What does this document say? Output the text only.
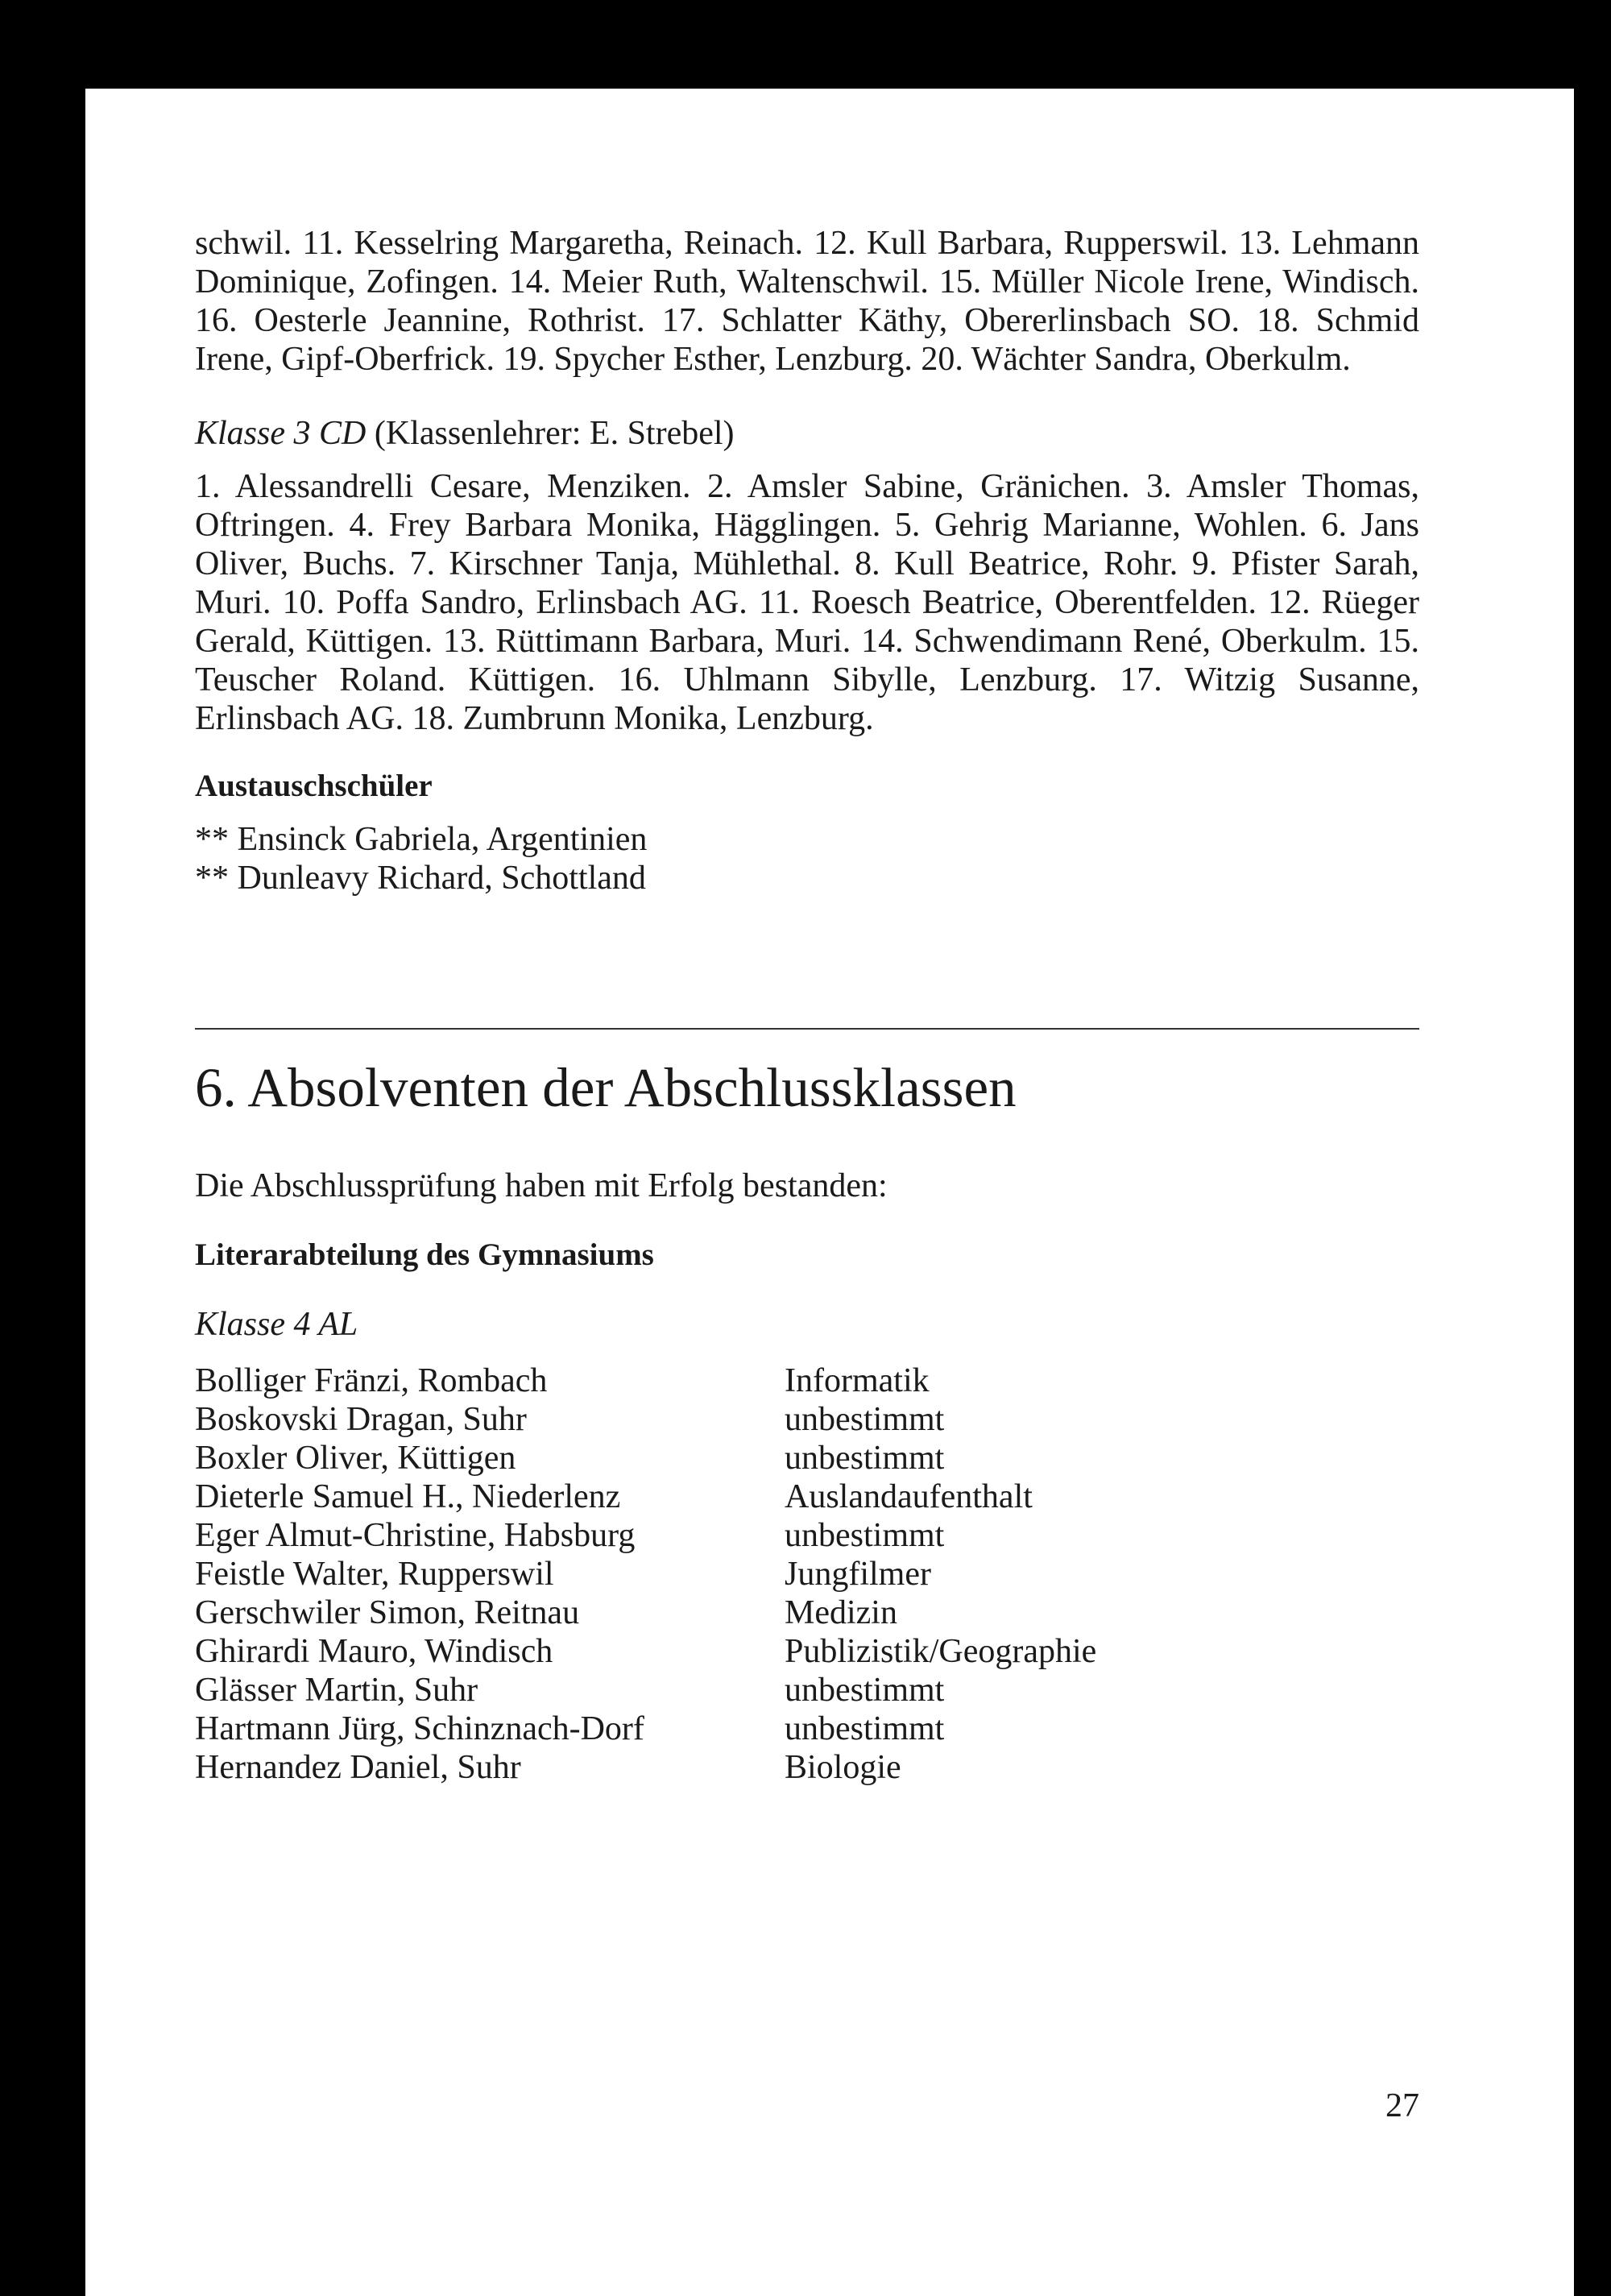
schwil. 11. Kesselring Margaretha, Reinach. 12. Kull Barbara, Rupperswil. 13. Lehmann Dominique, Zofingen. 14. Meier Ruth, Waltenschwil. 15. Müller Nicole Irene, Windisch. 16. Oesterle Jeannine, Rothrist. 17. Schlatter Käthy, Obererlinsbach SO. 18. Schmid Irene, Gipf-Oberfrick. 19. Spycher Esther, Lenzburg. 20. Wächter Sandra, Oberkulm.

Klasse 3 CD (Klassenlehrer: E. Strebel)

1. Alessandrelli Cesare, Menziken. 2. Amsler Sabine, Gränichen. 3. Amsler Thomas, Oftringen. 4. Frey Barbara Monika, Hägglingen. 5. Gehrig Marianne, Wohlen. 6. Jans Oliver, Buchs. 7. Kirschner Tanja, Mühlethal. 8. Kull Beatrice, Rohr. 9. Pfister Sarah, Muri. 10. Poffa Sandro, Erlinsbach AG. 11. Roesch Beatrice, Oberentfelden. 12. Rüeger Gerald, Küttigen. 13. Rüttimann Barbara, Muri. 14. Schwendimann René, Oberkulm. 15. Teuscher Roland. Küttigen. 16. Uhlmann Sibylle, Lenzburg. 17. Witzig Susanne, Erlinsbach AG. 18. Zumbrunn Monika, Lenzburg.

Austauschschüler

** Ensinck Gabriela, Argentinien

** Dunleavy Richard, Schottland

6. Absolventen der Abschlussklassen

Die Abschlussprüfung haben mit Erfolg bestanden:

Literarabteilung des Gymnasiums

Klasse 4 AL

Bolliger Fränzi, Rombach	Informatik
Boskovski Dragan, Suhr	unbestimmt
Boxler Oliver, Küttigen	unbestimmt
Dieterle Samuel H., Niederlenz	Auslandaufenthalt
Eger Almut-Christine, Habsburg	unbestimmt
Feistle Walter, Rupperswil	Jungfilmer
Gerschwiler Simon, Reitnau	Medizin
Ghirardi Mauro, Windisch	Publizistik/Geographie
Glässer Martin, Suhr	unbestimmt
Hartmann Jürg, Schinznach-Dorf	unbestimmt
Hernandez Daniel, Suhr	Biologie
27
